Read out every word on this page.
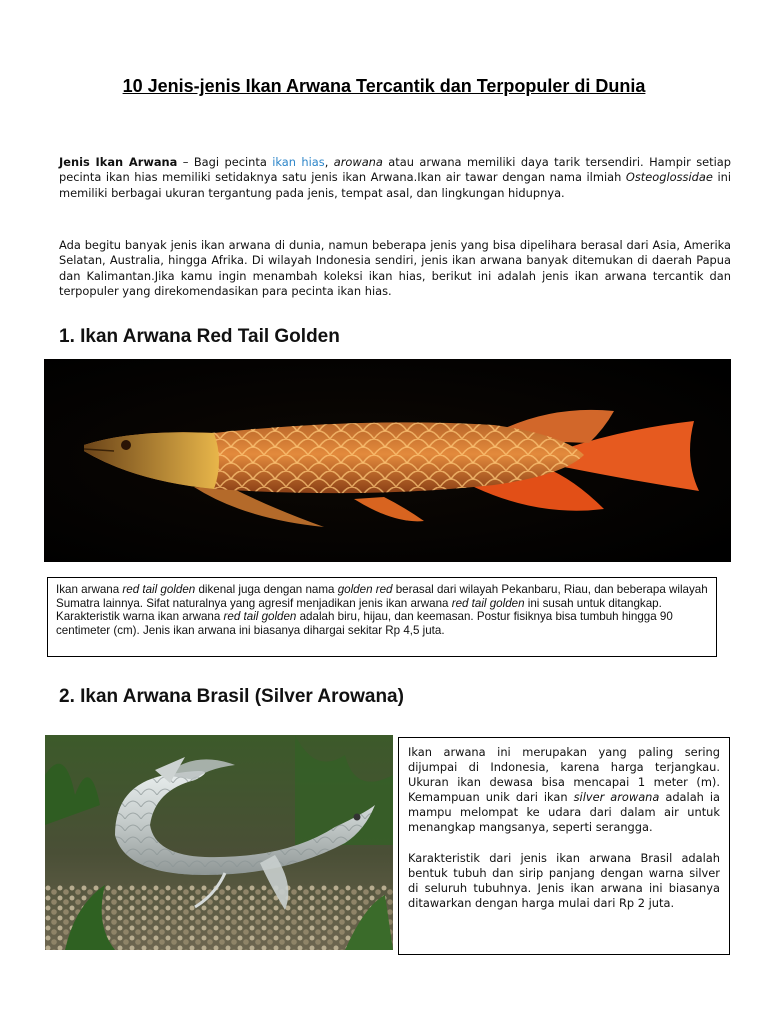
10 Jenis-jenis Ikan Arwana Tercantik dan Terpopuler di Dunia
Jenis Ikan Arwana – Bagi pecinta ikan hias, arowana atau arwana memiliki daya tarik tersendiri. Hampir setiap pecinta ikan hias memiliki setidaknya satu jenis ikan Arwana.Ikan air tawar dengan nama ilmiah Osteoglossidae ini memiliki berbagai ukuran tergantung pada jenis, tempat asal, dan lingkungan hidupnya.
Ada begitu banyak jenis ikan arwana di dunia, namun beberapa jenis yang bisa dipelihara berasal dari Asia, Amerika Selatan, Australia, hingga Afrika. Di wilayah Indonesia sendiri, jenis ikan arwana banyak ditemukan di daerah Papua dan Kalimantan.Jika kamu ingin menambah koleksi ikan hias, berikut ini adalah jenis ikan arwana tercantik dan terpopuler yang direkomendasikan para pecinta ikan hias.
1. Ikan Arwana Red Tail Golden

Ikan arwana red tail golden dikenal juga dengan nama golden red berasal dari wilayah Pekanbaru, Riau, dan beberapa wilayah Sumatra lainnya. Sifat naturalnya yang agresif menjadikan jenis ikan arwana red tail golden ini susah untuk ditangkap.

Karakteristik warna ikan arwana red tail golden adalah biru, hijau, dan keemasan. Postur fisiknya bisa tumbuh hingga 90 centimeter (cm). Jenis ikan arwana ini biasanya dihargai sekitar Rp 4,5 juta.

2. Ikan Arwana Brasil (Silver Arowana)

Ikan arwana ini merupakan yang paling sering dijumpai di Indonesia, karena harga terjangkau. Ukuran ikan dewasa bisa mencapai 1 meter (m). Kemampuan unik dari ikan silver arowana adalah ia mampu melompat ke udara dari dalam air untuk menangkap mangsanya, seperti serangga.

Karakteristik dari jenis ikan arwana Brasil adalah bentuk tubuh dan sirip panjang dengan warna silver di seluruh tubuhnya. Jenis ikan arwana ini biasanya ditawarkan dengan harga mulai dari Rp 2 juta.
